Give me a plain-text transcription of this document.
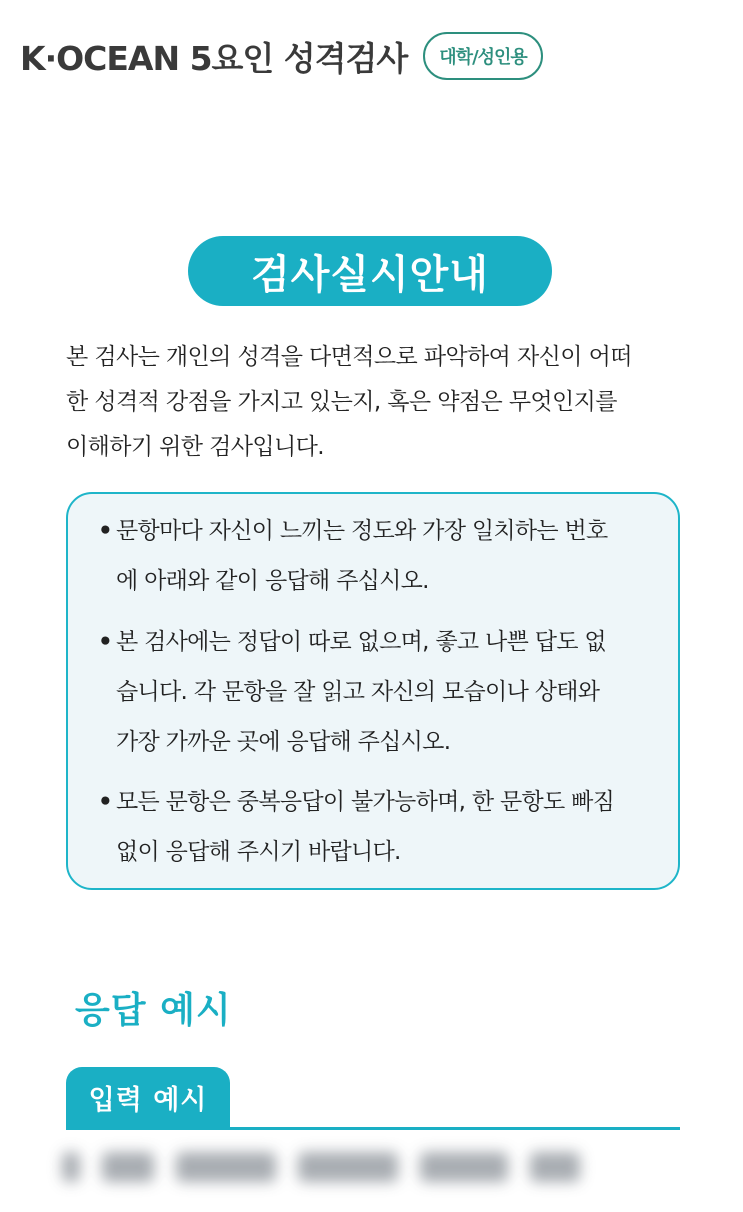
K·OCEAN 5요인 성격검사	대학/성인용
검사실시안내
본 검사는 개인의 성격을 다면적으로 파악하여 자신이 어떠
한 성격적 강점을 가지고 있는지, 혹은 약점은 무엇인지를
이해하기 위한 검사입니다.
• 문항마다 자신이 느끼는 정도와 가장 일치하는 번호
에 아래와 같이 응답해 주십시오.
• 본 검사에는 정답이 따로 없으며, 좋고 나쁜 답도 없
습니다. 각 문항을 잘 읽고 자신의 모습이나 상태와
가장 가까운 곳에 응답해 주십시오.
• 모든 문항은 중복응답이 불가능하며, 한 문항도 빠짐
없이 응답해 주시기 바랍니다.
응답 예시
입력 예시
